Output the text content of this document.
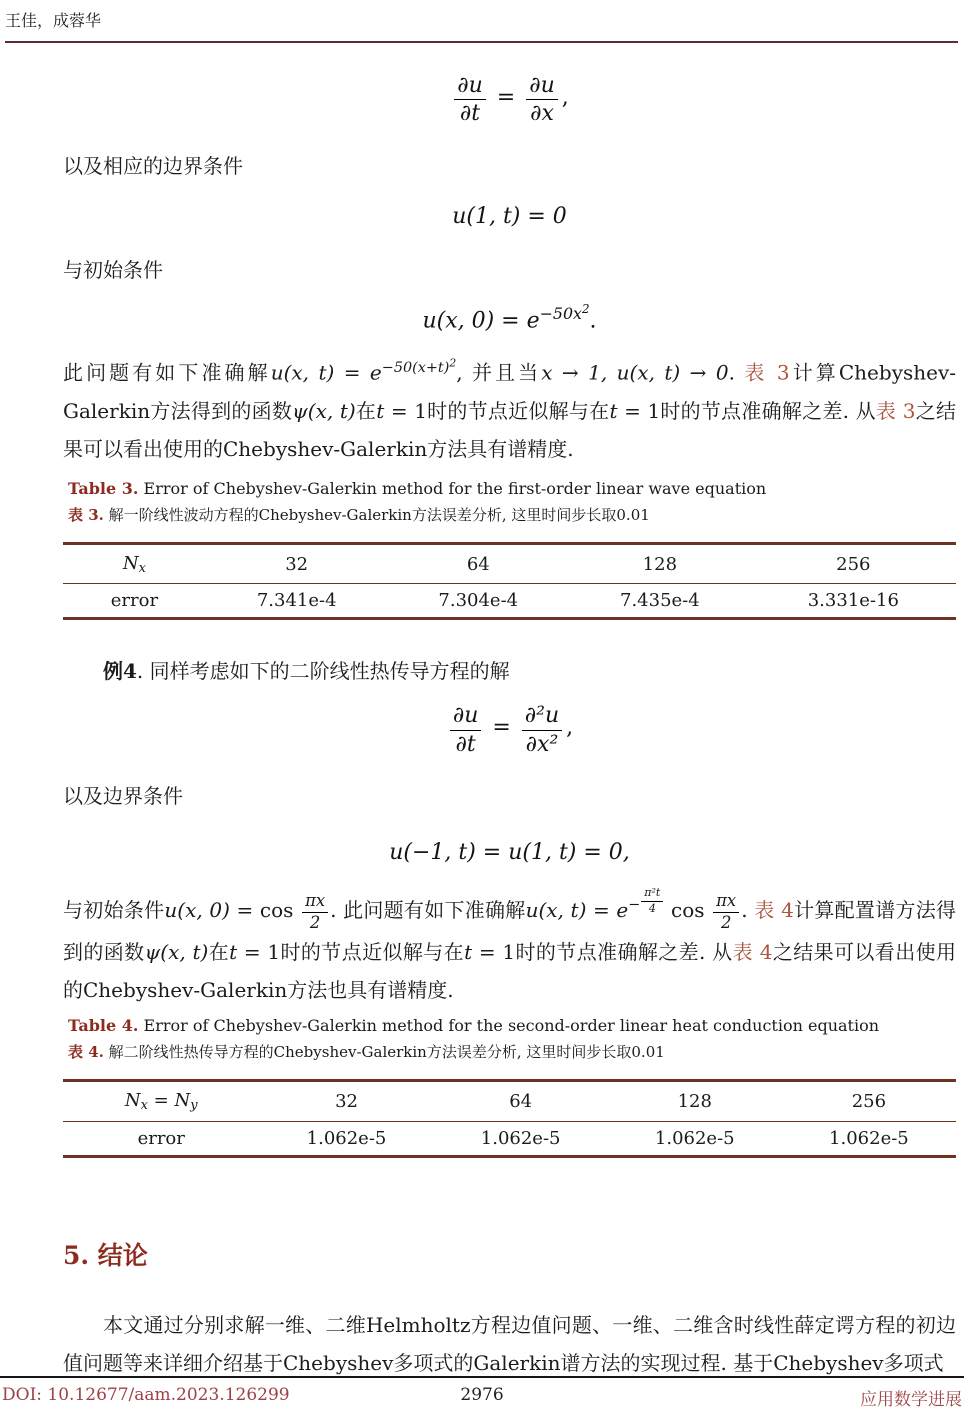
王佳，成蓉华
$\frac{\partial u}{\partial t} = \frac{\partial u}{\partial x}$ ,

以及相应的边界条件

u(1, t) = 0

与初始条件

u(x, $0) = e^{-50x^2}$.

此问题有如下准确解u(x, $t) = e^{-50(x+t)^2}$, 并且当x → 1, u(x, t) → 0. 表 3计算Chebyshev-Galerkin方法得到的函数ψ(x, t)在t = 1时的节点近似解与在t = 1时的节点准确解之差. 从表 3之结果可以看出使用的Chebyshev-Galerkin方法具有谱精度.

Table 3. Error of Chebyshev-Galerkin method for the first-order linear wave equation

表 3. 解一阶线性波动方程的Chebyshev-Galerkin方法误差分析, 这里时间步长取0.01

Nx	32	64	128	256
error	7.341e-4	7.304e-4	7.435e-4	3.331e-16

例4. 同样考虑如下的二阶线性热传导方程的解

$\frac{\partial u}{\partial t} = \frac{\text{∂²u}}{\text{∂x²}}$ ,

以及边界条件

u(−1, t) = u(1, t) = 0,

与初始条件u(x, $0) = \cos \frac{\pi x}{2}$ . 此问题有如下准确解u(x, $t) = e^- \frac{\text{π²t}}{4}$ $\cos \frac{\pi x}{2}$ . 表 4计算配置谱方法得到的函数ψ(x, t)在t = 1时的节点近似解与在t = 1时的节点准确解之差. 从表 4之结果可以看出使用的Chebyshev-Galerkin方法也具有谱精度.

Table 4. Error of Chebyshev-Galerkin method for the second-order linear heat conduction equation

表 4. 解二阶线性热传导方程的Chebyshev-Galerkin方法误差分析, 这里时间步长取0.01

Nx = Ny	32	64	128	256
error	1.062e-5	1.062e-5	1.062e-5	1.062e-5
5. 结论

本文通过分别求解一维、二维Helmholtz方程边值问题、一维、二维含时线性薛定谔方程的初边值问题等来详细介绍基于Chebyshev多项式的Galerkin谱方法的实现过程. 基于Chebyshev多项式

DOI: 10.12677/aam.2023.126299	2976	应用数学进展
